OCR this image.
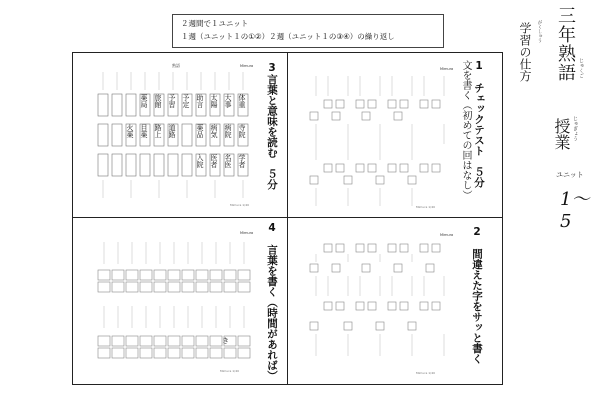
２週間で１ユニット
１週（ユニット１の①②）２週（ユニット１の③④）の繰り返し
熟語	Mimura
Mimura 1/40
体重
大事
太陽
助言
予定
予習
旅館
薬局
寺院
病院
病気
薬品
学者
名医
医者
入院
目薬
火薬	路上 道路
3言葉と意味を読む　５分
Mimura
Mimura 1/40
1　チェックテスト　５分
文を書く（初めての回はなし）
Mimura
Mimura 1/40
き
4　言葉を書く（時間があれば）
Mimura
Mimura 1/40
2　間違えた字をサッと書く
三年熟語 じゅくご
学習の仕方 がくしゅう
授業 じゅぎょう
ユニット
1～5
